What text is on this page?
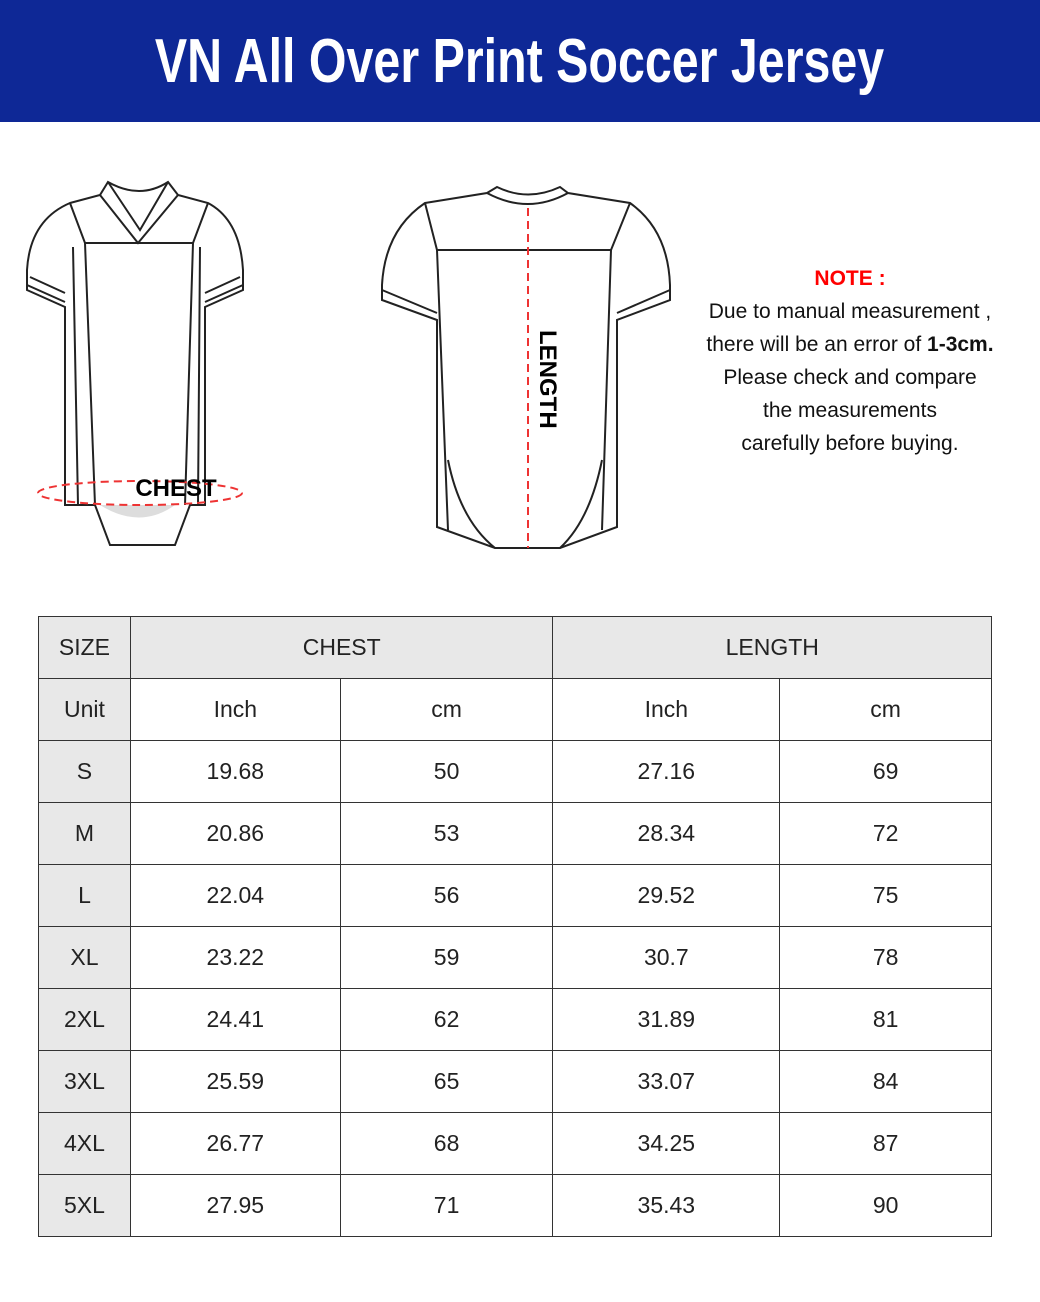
VN All Over Print Soccer Jersey
CHEST
LENGTH
NOTE :
Due to manual measurement ,
there will be an error of 1-3cm.
Please check and compare
the measurements
carefully before buying.
SIZE	CHEST		LENGTH	
Unit	Inch	cm	Inch	cm
S	19.68	50	27.16	69
M	20.86	53	28.34	72
L	22.04	56	29.52	75
XL	23.22	59	30.7	78
2XL	24.41	62	31.89	81
3XL	25.59	65	33.07	84
4XL	26.77	68	34.25	87
5XL	27.95	71	35.43	90
